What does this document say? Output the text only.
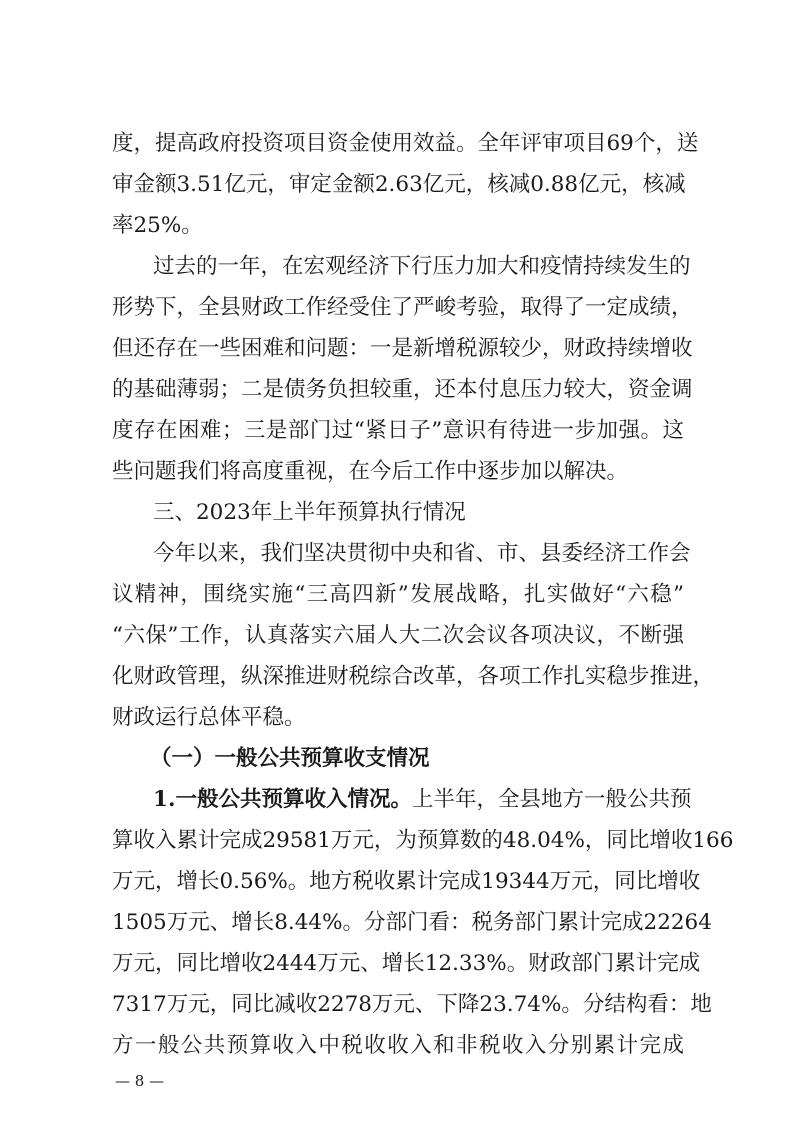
度，提高政府投资项目资金使用效益。全年评审项目69个，送
审金额3.51亿元，审定金额2.63亿元，核减0.88亿元，核减
率25%。
过去的一年，在宏观经济下行压力加大和疫情持续发生的
形势下，全县财政工作经受住了严峻考验，取得了一定成绩，
但还存在一些困难和问题：一是新增税源较少，财政持续增收
的基础薄弱；二是债务负担较重，还本付息压力较大，资金调
度存在困难；三是部门过“紧日子”意识有待进一步加强。这
些问题我们将高度重视，在今后工作中逐步加以解决。
三、2023年上半年预算执行情况
今年以来，我们坚决贯彻中央和省、市、县委经济工作会
议精神，围绕实施“三高四新”发展战略，扎实做好“六稳”
“六保”工作，认真落实六届人大二次会议各项决议，不断强
化财政管理，纵深推进财税综合改革，各项工作扎实稳步推进，
财政运行总体平稳。
（一）一般公共预算收支情况
1.一般公共预算收入情况。上半年，全县地方一般公共预
算收入累计完成29581万元，为预算数的48.04%，同比增收166
万元，增长0.56%。地方税收累计完成19344万元，同比增收
1505万元、增长8.44%。分部门看：税务部门累计完成22264
万元，同比增收2444万元、增长12.33%。财政部门累计完成
7317万元，同比减收2278万元、下降23.74%。分结构看：地
方一般公共预算收入中税收收入和非税收入分别累计完成
— 8 —
